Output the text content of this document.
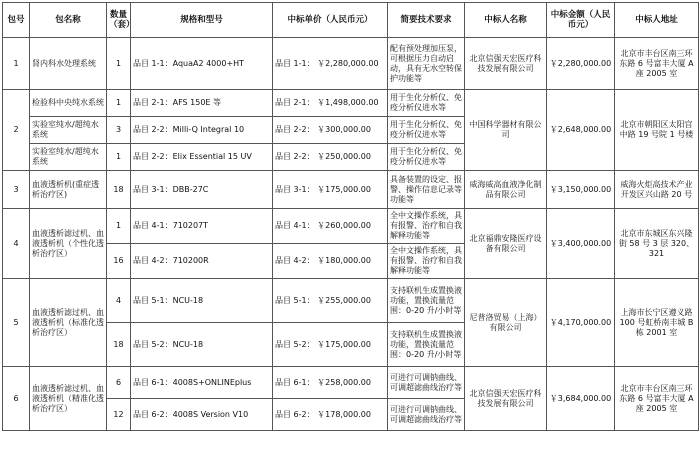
包号	包名称	数量（套）	规格和型号	中标单价（人民币元）	简要技术要求	中标人名称	中标金额（人民币元）	中标人地址
1	肾内科水处理系统	1	品目 1-1：AquaA2 4000+HT	品目 1-1： ￥2,280,000.00	配有预处理加压泵，可根据压力自动启动，具有无水空转保护功能等	北京信强天宏医疗科技发展有限公司	￥2,280,000.00	北京市丰台区南三环东路 6 号富丰大厦 A 座 2005 室
2	检验科中央纯水系统	1	品目 2-1：AFS 150E 等	品目 2-1： ￥1,498,000.00	用于生化分析仪、免疫分析仪进水等	中国科学器材有限公司	￥2,648,000.00	北京市朝阳区太阳宫中路 19 号院 1 号楼
	实验室纯水/超纯水系统	3	品目 2-2：Milli-Q Integral 10	品目 2-2： ￥300,000.00	用于生化分析仪、免疫分析仪进水等			
	实验室纯水/超纯水系统	1	品目 2-2：Elix Essential 15 UV	品目 2-2： ￥250,000.00	用于生化分析仪、免疫分析仪进水等			
3	血液透析机(重症透析治疗区)	18	品目 3-1：DBB-27C	品目 3-1： ￥175,000.00	具备装置的设定、报警、操作信息记录等功能等	威海威高血液净化制品有限公司	￥3,150,000.00	威海火炬高技术产业开发区兴山路 20 号
4	血液透析滤过机、血液透析机（个性化透析治疗区）	1	品目 4-1：710207T	品目 4-1： ￥260,000.00	全中文操作系统，具有报警、治疗和自我解释功能等	北京福鼎安隆医疗设备有限公司	￥3,400,000.00	北京市东城区东兴隆街 58 号 3 层 320、321
		16	品目 4-2：710200R	品目 4-2： ￥180,000.00	全中文操作系统，具有报警、治疗和自我解释功能等			
5	血液透析滤过机、血液透析机（标准化透析治疗区）	4	品目 5-1：NCU-18	品目 5-1： ￥255,000.00	支持联机生成置换液功能，置换流量范围：0-20 升/小时等	尼普洛贸易（上海）有限公司	￥4,170,000.00	上海市长宁区遵义路 100 号虹桥南丰城 B 栋 2001 室
		18	品目 5-2：NCU-18	品目 5-2： ￥175,000.00	支持联机生成置换液功能，置换流量范围：0-20 升/小时等			
6	血液透析滤过机、血液透析机（精准化透析治疗区）	6	品目 6-1：4008S+ONLINEplus	品目 6-1： ￥258,000.00	可进行可调钠曲线、可调超滤曲线治疗等	北京信强天宏医疗科技发展有限公司	￥3,684,000.00	北京市丰台区南三环东路 6 号富丰大厦 A 座 2005 室
		12	品目 6-2：4008S Version V10	品目 6-2： ￥178,000.00	可进行可调钠曲线、可调超滤曲线治疗等			
